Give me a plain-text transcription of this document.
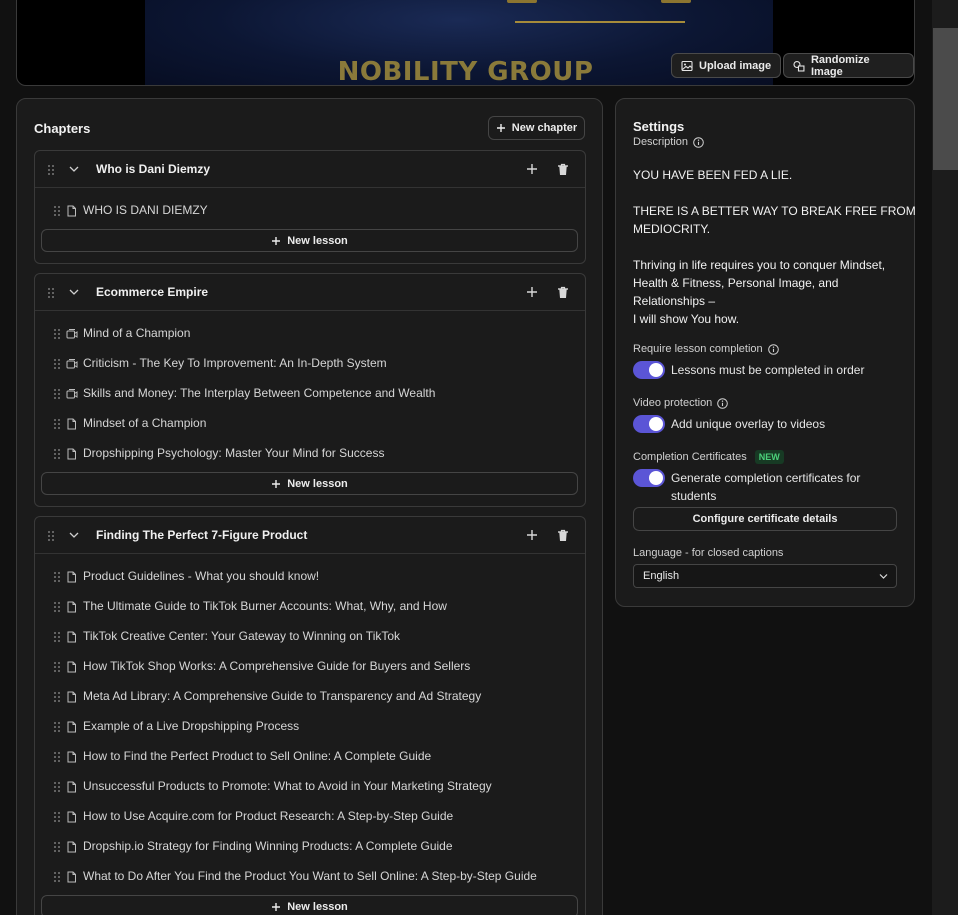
NOBILITY GROUP	Upload image	Randomize Image
Chapters	New chapter
Who is Dani Diemzy
WHO IS DANI DIEMZY
New lesson
Ecommerce Empire
Mind of a Champion
Criticism - The Key To Improvement: An In-Depth System
Skills and Money: The Interplay Between Competence and Wealth
Mindset of a Champion
Dropshipping Psychology: Master Your Mind for Success
New lesson
Finding The Perfect 7-Figure Product
Product Guidelines - What you should know!
The Ultimate Guide to TikTok Burner Accounts: What, Why, and How
TikTok Creative Center: Your Gateway to Winning on TikTok
How TikTok Shop Works: A Comprehensive Guide for Buyers and Sellers
Meta Ad Library: A Comprehensive Guide to Transparency and Ad Strategy
Example of a Live Dropshipping Process
How to Find the Perfect Product to Sell Online: A Complete Guide
Unsuccessful Products to Promote: What to Avoid in Your Marketing Strategy
How to Use Acquire.com for Product Research: A Step-by-Step Guide
Dropship.io Strategy for Finding Winning Products: A Complete Guide
What to Do After You Find the Product You Want to Sell Online: A Step-by-Step Guide
New lesson
Settings
Description
YOU HAVE BEEN FED A LIE.
THERE IS A BETTER WAY TO BREAK FREE FROM
MEDIOCRITY.
Thriving in life requires you to conquer Mindset,
Health & Fitness, Personal Image, and
Relationships –
I will show You how.
Require lesson completion
Lessons must be completed in order
Video protection
Add unique overlay to videos
Completion Certificates	NEW
Generate completion certificates for
students
Configure certificate details
Language - for closed captions
English
